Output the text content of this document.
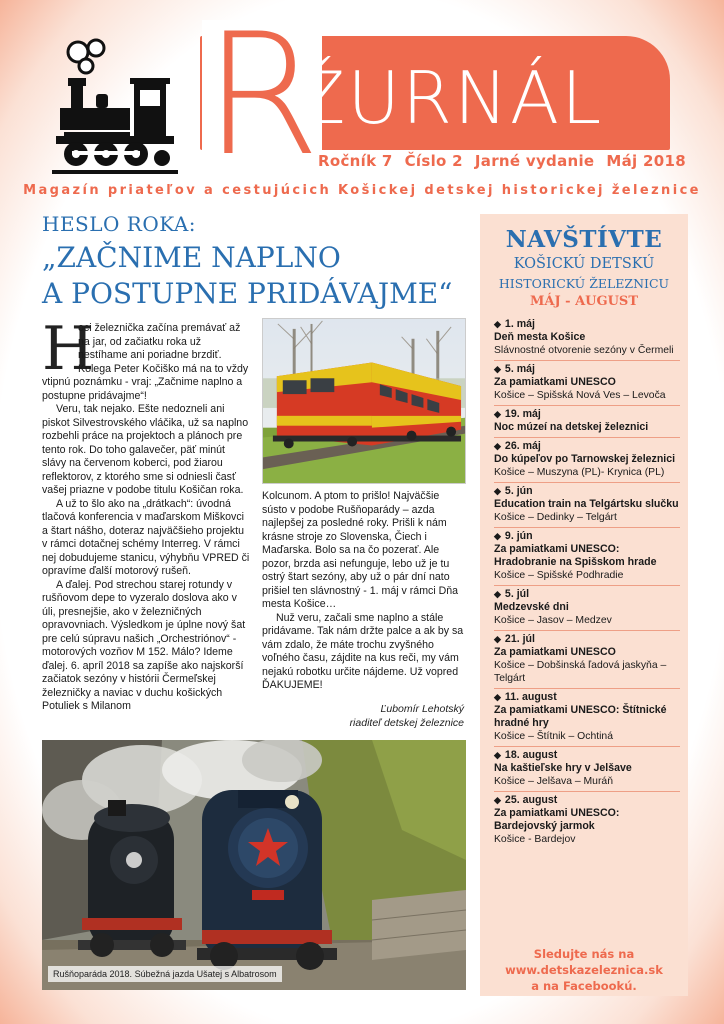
R
ŽURNÁL
Ročník 7 Číslo 2 Jarné vydanie Máj 2018
Magazín priateľov a cestujúcich Košickej detskej historickej železnice
HESLO ROKA:
„ZAČNIME NAPLNO
A POSTUPNE PRIDÁVAJME“

H
oci železnička začína premávať až na jar, od začiatku roka už nestíhame ani poriadne brzdiť. Kolega Peter Kočiško má na to vždy vtipnú poznámku - vraj: „Začnime naplno a postupne pridávajme“!

Veru, tak nejako. Ešte nedozneli ani piskot Silvestrovského vláčika, už sa naplno rozbehli práce na projektoch a plánoch pre tento rok. Do toho galavečer, päť minút slávy na červenom koberci, pod žiarou reflektorov, z ktorého sme si odniesli časť vašej priazne v podobe titulu Košičan roka.

A už to šlo ako na „drátkach“: úvodná tlačová konferencia v maďarskom Miškovci a štart nášho, doteraz najväčšieho projektu v rámci dotačnej schémy Interreg. V rámci nej dobudujeme stanicu, výhybňu VPRED či opravíme ďalší motorový rušeň.

A ďalej. Pod strechou starej rotundy v rušňovom depe to vyzeralo doslova ako v úli, presnejšie, ako v železničných opravovniach. Výsledkom je úplne nový šat pre celú súpravu našich „Orchestriónov“ - motorových vozňov M 152. Málo? Ideme ďalej. 6. apríl 2018 sa zapíše ako najskorší začiatok sezóny v histórii Čermeľskej železničky a naviac v duchu košických Potuliek s Milanom

Kolcunom. A ptom to prišlo! Najväčšie sústo v podobe Rušňoparády – azda najlepšej za posledné roky. Prišli k nám krásne stroje zo Slovenska, Čiech i Maďarska. Bolo sa na čo pozerať. Ale pozor, brzda asi nefunguje, lebo už je tu ostrý štart sezóny, aby už o pár dní nato prišiel ten slávnostný - 1. máj v rámci Dňa mesta Košice…

Nuž veru, začali sme naplno a stále pridávame. Tak nám držte palce a ak by sa vám zdalo, že máte trochu zvyšného voľného času, zájdite na kus reči, my vám nejakú robotku určite nájdeme. Už vopred ĎAKUJEME!

Ľubomír Lehotský
riaditeľ detskej železnice
Rušňoparáda 2018. Súbežná jazda Ušatej s Albatrosom
NAVŠTÍVTE
KOŠICKÚ DETSKÚ
HISTORICKÚ ŽELEZNICU
MÁJ - AUGUST
◆ 1. máj
Deň mesta Košice
Slávnostné otvorenie sezóny v Čermeli
◆ 5. máj
Za pamiatkami UNESCO
Košice – Spišská Nová Ves – Levoča
◆ 19. máj
Noc múzeí na detskej železnici
◆ 26. máj
Do kúpeľov po Tarnowskej železnici
Košice – Muszyna (PL)- Krynica (PL)
◆ 5. jún
Education train na Telgártsku slučku
Košice – Dedinky – Telgárt
◆ 9. jún
Za pamiatkami UNESCO: Hradobranie na Spišskom hrade
Košice – Spišské Podhradie
◆ 5. júl
Medzevské dni
Košice – Jasov – Medzev
◆ 21. júl
Za pamiatkami UNESCO
Košice – Dobšinská ľadová jaskyňa – Telgárt
◆ 11. august
Za pamiatkami UNESCO: Štítnické hradné hry
Košice – Štítnik – Ochtiná
◆ 18. august
Na kaštieľske hry v Jelšave
Košice – Jelšava – Muráň
◆ 25. august
Za pamiatkami UNESCO: Bardejovský jarmok
Košice - Bardejov
Sledujte nás na
www.detskazeleznica.sk
a na Facebookú.
